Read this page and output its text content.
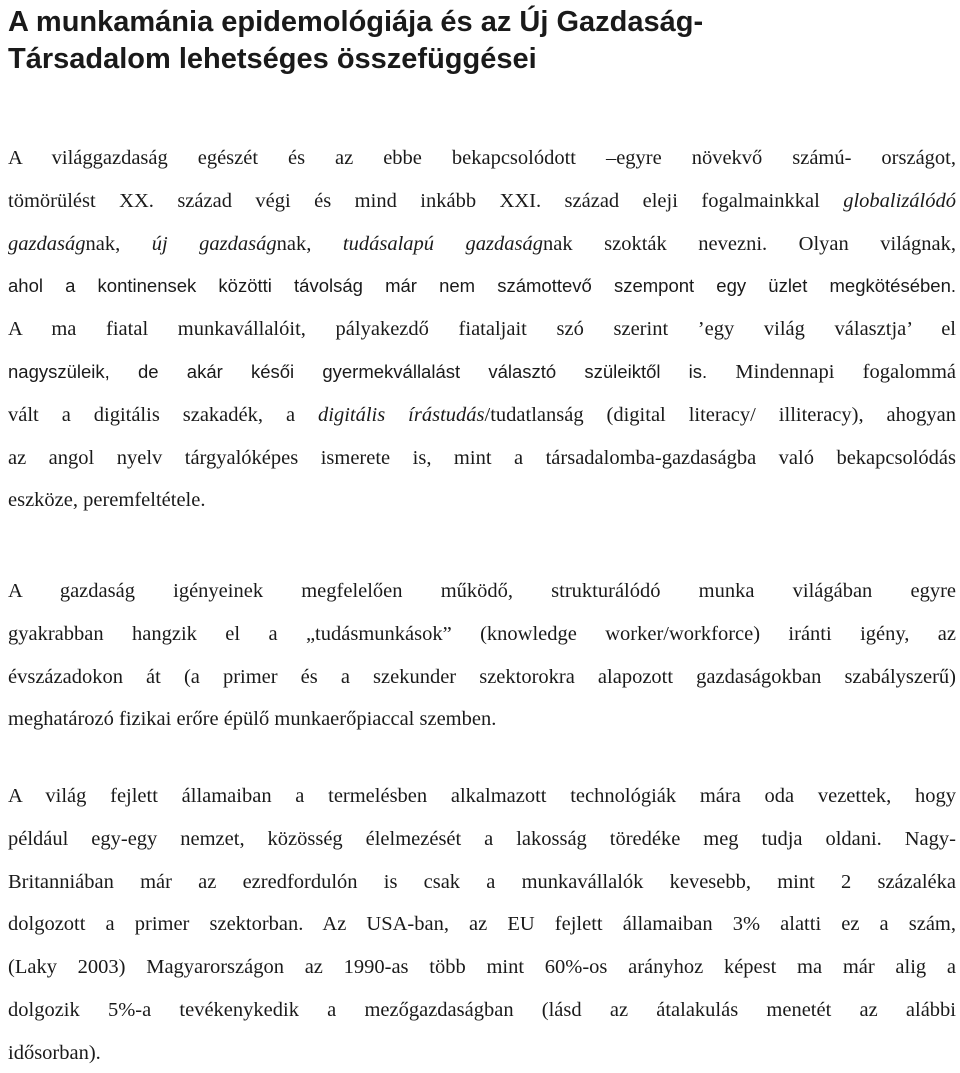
A munkamánia epidemológiája és az Új Gazdaság-
Társadalom lehetséges összefüggései
A világgazdaság egészét és az ebbe bekapcsolódott –egyre növekvő számú- országot,
tömörülést XX. század végi és mind inkább XXI. század eleji fogalmainkkal globalizálódó
gazdaságnak, új gazdaságnak, tudásalapú gazdaságnak szokták nevezni. Olyan világnak,
ahol a kontinensek közötti távolság már nem számottevő szempont egy üzlet megkötésében.
A ma fiatal munkavállalóit, pályakezdő fiataljait szó szerint ’egy világ választja’ el
nagyszüleik, de akár késői gyermekvállalást választó szüleiktől is. Mindennapi fogalommá
vált a digitális szakadék, a digitális írástudás/tudatlanság (digital literacy/ illiteracy), ahogyan
az angol nyelv tárgyalóképes ismerete is, mint a társadalomba-gazdaságba való bekapcsolódás
eszköze, peremfeltétele.
A gazdaság igényeinek megfelelően működő, strukturálódó munka világában egyre
gyakrabban hangzik el a „tudásmunkások” (knowledge worker/workforce) iránti igény, az
évszázadokon át (a primer és a szekunder szektorokra alapozott gazdaságokban szabályszerű)
meghatározó fizikai erőre épülő munkaerőpiaccal szemben.
A világ fejlett államaiban a termelésben alkalmazott technológiák mára oda vezettek, hogy
például egy-egy nemzet, közösség élelmezését a lakosság töredéke meg tudja oldani. Nagy-
Britanniában már az ezredfordulón is csak a munkavállalók kevesebb, mint 2 százaléka
dolgozott a primer szektorban. Az USA-ban, az EU fejlett államaiban 3% alatti ez a szám,
(Laky 2003) Magyarországon az 1990-as több mint 60%-os arányhoz képest ma már alig a
dolgozik 5%-a tevékenykedik a mezőgazdaságban (lásd az átalakulás menetét az alábbi
idősorban).
